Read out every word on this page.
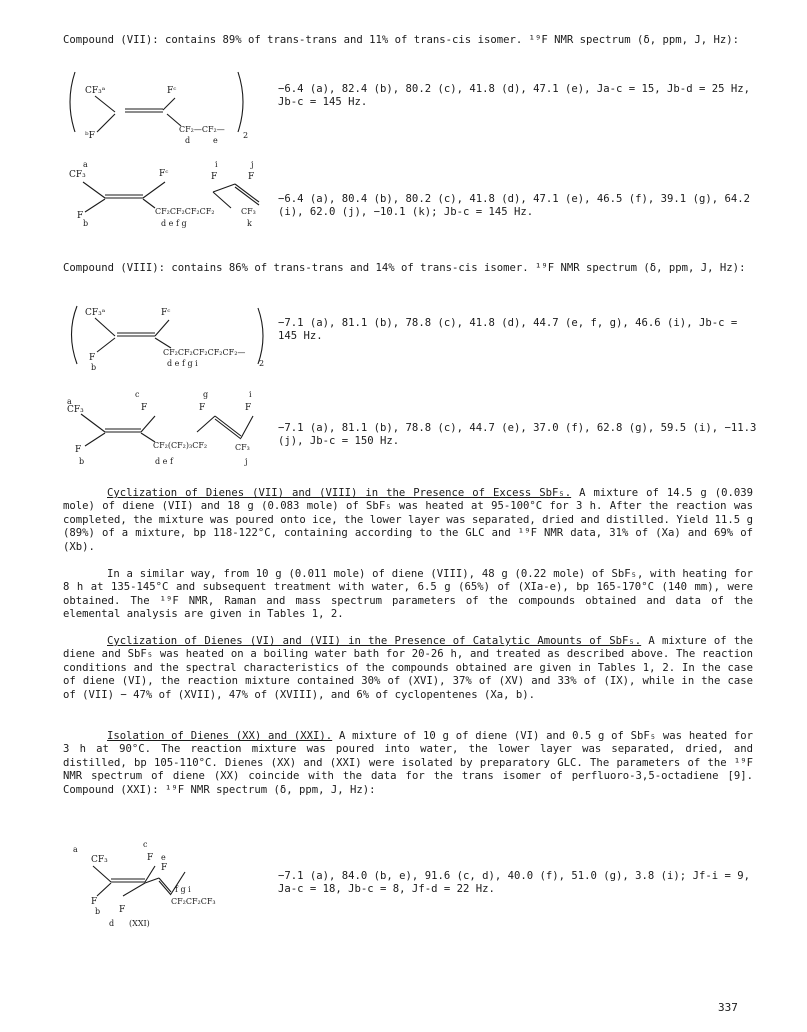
Compound (VII): contains 89% of trans-trans and 11% of trans-cis isomer. ¹⁹F NMR spectrum (δ, ppm, J, Hz):
CF₃ᵃ	Fᶜ
ᵇF
CF₂—CF₂—
d	e
2
−6.4 (a), 82.4 (b), 80.2 (c), 41.8 (d), 47.1 (e), Ja-c = 15, Jb-d = 25 Hz, Jb-c = 145 Hz.
a
CF₃	Fᶜ
i	j
F	F
F	CF₂CF₂CF₂CF₂	CF₃
b	d e f g	k
−6.4 (a), 80.4 (b), 80.2 (c), 41.8 (d), 47.1 (e), 46.5 (f), 39.1 (g), 64.2 (i), 62.0 (j), −10.1 (k); Jb-c = 145 Hz.
Compound (VIII): contains 86% of trans-trans and 14% of trans-cis isomer. ¹⁹F NMR spectrum (δ, ppm, J, Hz):
CF₃ᵃ	Fᶜ
F
CF₂CF₂CF₂CF₂CF₂—
b	d e f g i	2
−7.1 (a), 81.1 (b), 78.8 (c), 41.8 (d), 44.7 (e, f, g), 46.6 (i), Jb-c = 145 Hz.
c	g	i
a
CF₃	F	F	F
F	CF₂(CF₂)₃CF₂	CF₃
b	d e f	j
−7.1 (a), 81.1 (b), 78.8 (c), 44.7 (e), 37.0 (f), 62.8 (g), 59.5 (i), −11.3 (j), Jb-c = 150 Hz.
Cyclization of Dienes (VII) and (VIII) in the Presence of Excess SbF₅. A mixture of 14.5 g (0.039 mole) of diene (VII) and 18 g (0.083 mole) of SbF₅ was heated at 95-100°C for 3 h. After the reaction was completed, the mixture was poured onto ice, the lower layer was separated, dried and distilled. Yield 11.5 g (89%) of a mixture, bp 118-122°C, containing according to the GLC and ¹⁹F NMR data, 31% of (Xa) and 69% of (Xb).
In a similar way, from 10 g (0.011 mole) of diene (VIII), 48 g (0.22 mole) of SbF₅, with heating for 8 h at 135-145°C and subsequent treatment with water, 6.5 g (65%) of (XIa-e), bp 165-170°C (140 mm), were obtained. The ¹⁹F NMR, Raman and mass spectrum parameters of the compounds obtained and data of the elemental analysis are given in Tables 1, 2.
Cyclization of Dienes (VI) and (VII) in the Presence of Catalytic Amounts of SbF₅. A mixture of the diene and SbF₅ was heated on a boiling water bath for 20-26 h, and treated as described above. The reaction conditions and the spectral characteristics of the compounds obtained are given in Tables 1, 2. In the case of diene (VI), the reaction mixture contained 30% of (XVI), 37% of (XV) and 33% of (IX), while in the case of (VII) − 47% of (XVII), 47% of (XVIII), and 6% of cyclopentenes (Xa, b).
Isolation of Dienes (XX) and (XXI). A mixture of 10 g of diene (VI) and 0.5 g of SbF₅ was heated for 3 h at 90°C. The reaction mixture was poured into water, the lower layer was separated, dried, and distilled, bp 105-110°C. Dienes (XX) and (XXI) were isolated by preparatory GLC. The parameters of the ¹⁹F NMR spectrum of diene (XX) coincide with the data for the trans isomer of perfluoro-3,5-octadiene [9]. Compound (XXI): ¹⁹F NMR spectrum (δ, ppm, J, Hz):
a
c
CF₃	F e
F
F
f g i
b F
CF₂CF₂CF₃
d (XXI)
−7.1 (a), 84.0 (b, e), 91.6 (c, d), 40.0 (f), 51.0 (g), 3.8 (i); Jf-i = 9, Ja-c = 18, Jb-c = 8, Jf-d = 22 Hz.
337
